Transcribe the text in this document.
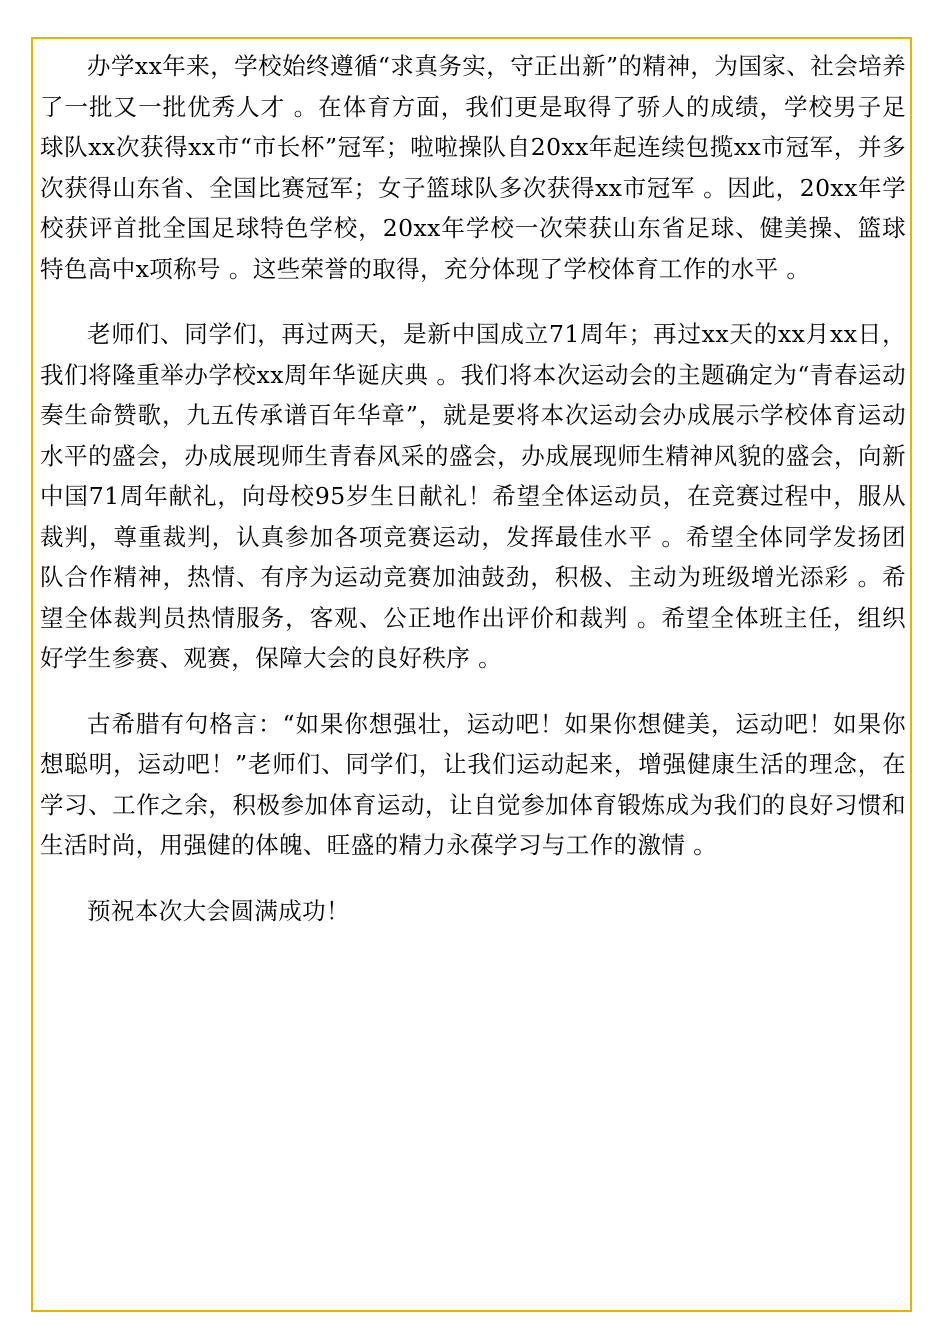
办学xx年来，学校始终遵循“求真务实，守正出新”的精神，为国家、社会培养了一批又一批优秀人才 。在体育方面，我们更是取得了骄人的成绩，学校男子足球队xx次获得xx市“市长杯”冠军；啦啦操队自20xx年起连续包揽xx市冠军，并多次获得山东省、全国比赛冠军；女子篮球队多次获得xx市冠军 。因此，20xx年学校获评首批全国足球特色学校，20xx年学校一次荣获山东省足球、健美操、篮球特色高中x项称号 。这些荣誉的取得，充分体现了学校体育工作的水平 。

老师们、同学们，再过两天，是新中国成立71周年；再过xx天的xx月xx日，我们将隆重举办学校xx周年华诞庆典 。我们将本次运动会的主题确定为“青春运动奏生命赞歌，九五传承谱百年华章”，就是要将本次运动会办成展示学校体育运动水平的盛会，办成展现师生青春风采的盛会，办成展现师生精神风貌的盛会，向新中国71周年献礼，向母校95岁生日献礼！希望全体运动员，在竞赛过程中，服从裁判，尊重裁判，认真参加各项竞赛运动，发挥最佳水平 。希望全体同学发扬团队合作精神，热情、有序为运动竞赛加油鼓劲，积极、主动为班级增光添彩 。希望全体裁判员热情服务，客观、公正地作出评价和裁判 。希望全体班主任，组织好学生参赛、观赛，保障大会的良好秩序 。

古希腊有句格言：“如果你想强壮，运动吧！如果你想健美，运动吧！如果你想聪明，运动吧！”老师们、同学们，让我们运动起来，增强健康生活的理念，在学习、工作之余，积极参加体育运动，让自觉参加体育锻炼成为我们的良好习惯和生活时尚，用强健的体魄、旺盛的精力永葆学习与工作的激情 。

预祝本次大会圆满成功！
